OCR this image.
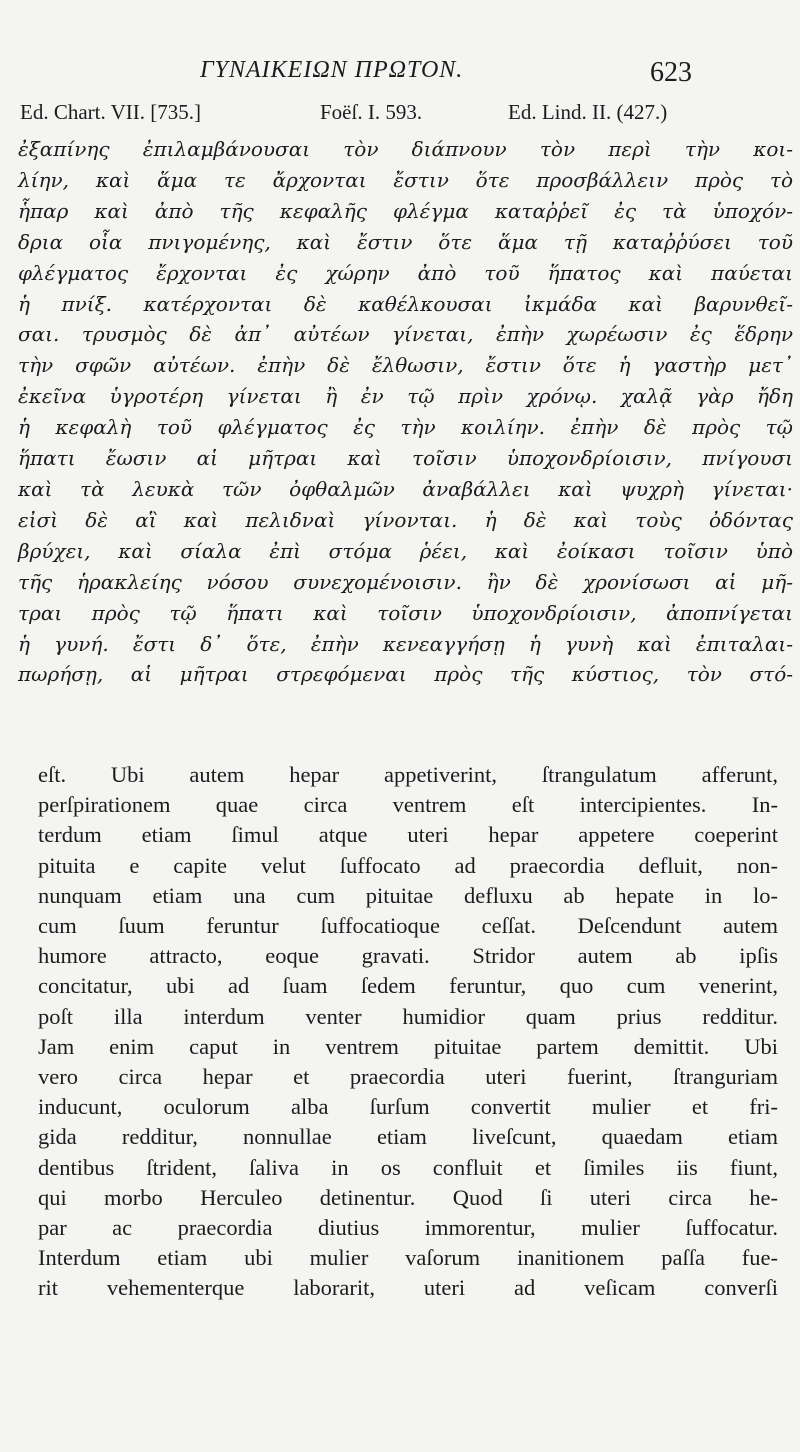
ΓΥΝΑΙΚΕΙΩΝ ΠΡΩΤΟΝ.	623
Ed. Chart. VII. [735.]	Foëſ. I. 593.	Ed. Lind. II. (427.)
ἐξαπίνης ἐπιλαμβάνουσαι τὸν διάπνουν τὸν περὶ τὴν κοι-
λίην, καὶ ἅμα τε ἄρχονται ἔστιν ὅτε προσβάλλειν πρὸς τὸ
ἧπαρ καὶ ἀπὸ τῆς κεφαλῆς φλέγμα καταῤῥεῖ ἐς τὰ ὑποχόν-
δρια οἷα πνιγομένης, καὶ ἔστιν ὅτε ἅμα τῇ καταῤῥύσει τοῦ
φλέγματος ἔρχονται ἐς χώρην ἀπὸ τοῦ ἥπατος καὶ παύεται
ἡ πνίξ. κατέρχονται δὲ καθέλκουσαι ἰκμάδα καὶ βαρυνθεῖ-
σαι. τρυσμὸς δὲ ἀπ᾽ αὐτέων γίνεται, ἐπὴν χωρέωσιν ἐς ἕδρην
τὴν σφῶν αὐτέων. ἐπὴν δὲ ἔλθωσιν, ἔστιν ὅτε ἡ γαστὴρ μετ᾽
ἐκεῖνα ὑγροτέρη γίνεται ἢ ἐν τῷ πρὶν χρόνῳ. χαλᾷ γὰρ ἤδη
ἡ κεφαλὴ τοῦ φλέγματος ἐς τὴν κοιλίην. ἐπὴν δὲ πρὸς τῷ
ἥπατι ἔωσιν αἱ μῆτραι καὶ τοῖσιν ὑποχονδρίοισιν, πνίγουσι
καὶ τὰ λευκὰ τῶν ὀφθαλμῶν ἀναβάλλει καὶ ψυχρὴ γίνεται·
εἰσὶ δὲ αἳ καὶ πελιδναὶ γίνονται. ἡ δὲ καὶ τοὺς ὀδόντας
βρύχει, καὶ σίαλα ἐπὶ στόμα ῥέει, καὶ ἐοίκασι τοῖσιν ὑπὸ
τῆς ἡρακλείης νόσου συνεχομένοισιν. ἢν δὲ χρονίσωσι αἱ μῆ-
τραι πρὸς τῷ ἥπατι καὶ τοῖσιν ὑποχονδρίοισιν, ἀποπνίγεται
ἡ γυνή. ἔστι δ᾽ ὅτε, ἐπὴν κενεαγγήσῃ ἡ γυνὴ καὶ ἐπιταλαι-
πωρήσῃ, αἱ μῆτραι στρεφόμεναι πρὸς τῆς κύστιος, τὸν στό-
eſt. Ubi autem hepar appetiverint, ſtrangulatum afferunt,
perſpirationem quae circa ventrem eſt intercipientes. In-
terdum etiam ſimul atque uteri hepar appetere coeperint
pituita e capite velut ſuffocato ad praecordia defluit, non-
nunquam etiam una cum pituitae defluxu ab hepate in lo-
cum ſuum feruntur ſuffocatioque ceſſat. Deſcendunt autem
humore attracto, eoque gravati. Stridor autem ab ipſis
concitatur, ubi ad ſuam ſedem feruntur, quo cum venerint,
poſt illa interdum venter humidior quam prius redditur.
Jam enim caput in ventrem pituitae partem demittit. Ubi
vero circa hepar et praecordia uteri fuerint, ſtranguriam
inducunt, oculorum alba ſurſum convertit mulier et fri-
gida redditur, nonnullae etiam liveſcunt, quaedam etiam
dentibus ſtrident, ſaliva in os confluit et ſimiles iis fiunt,
qui morbo Herculeo detinentur. Quod ſi uteri circa he-
par ac praecordia diutius immorentur, mulier ſuffocatur.
Interdum etiam ubi mulier vaſorum inanitionem paſſa fue-
rit vehementerque laborarit, uteri ad veſicam converſi
